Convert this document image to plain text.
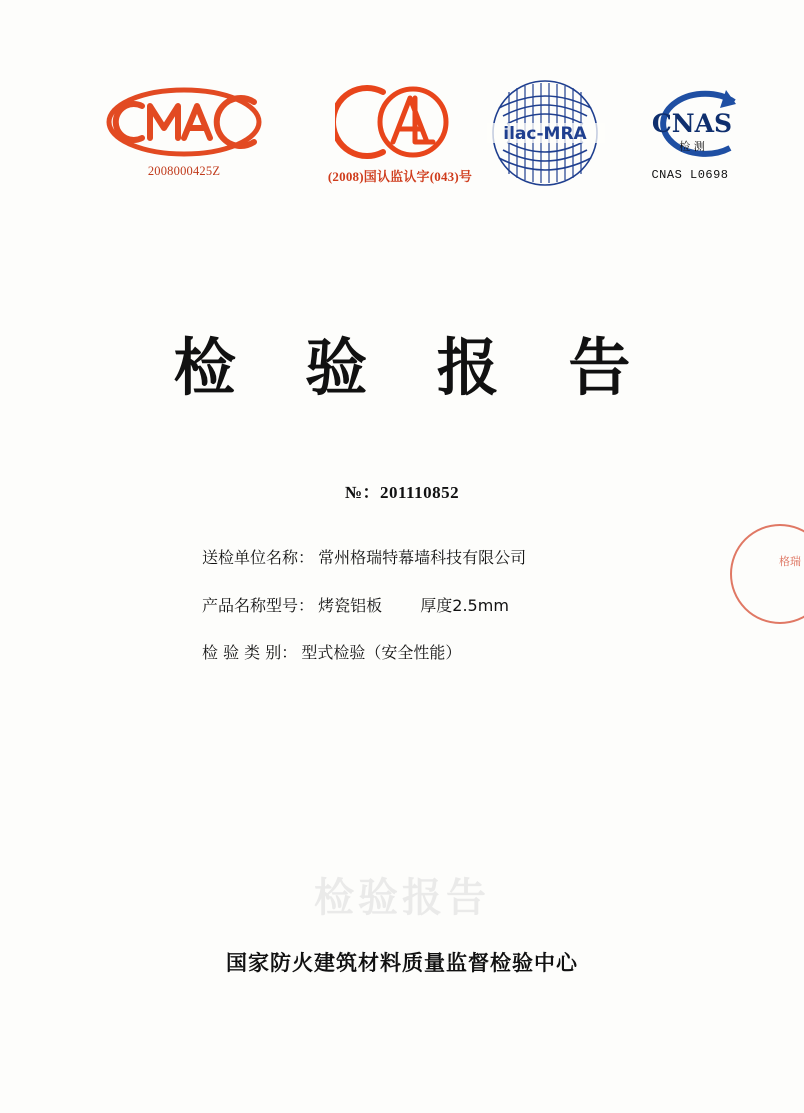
2008000425Z	(2008)国认监认字(043)号
ilac-MRA	CNAS
检 测
CNAS L0698
检 验 报 告
№：201110852
送检单位名称： 常州格瑞特幕墙科技有限公司
产品名称型号： 烤瓷铝板 厚度2.5mm
检 验 类 别： 型式检验（安全性能）
格瑞
检验报告
国家防火建筑材料质量监督检验中心
